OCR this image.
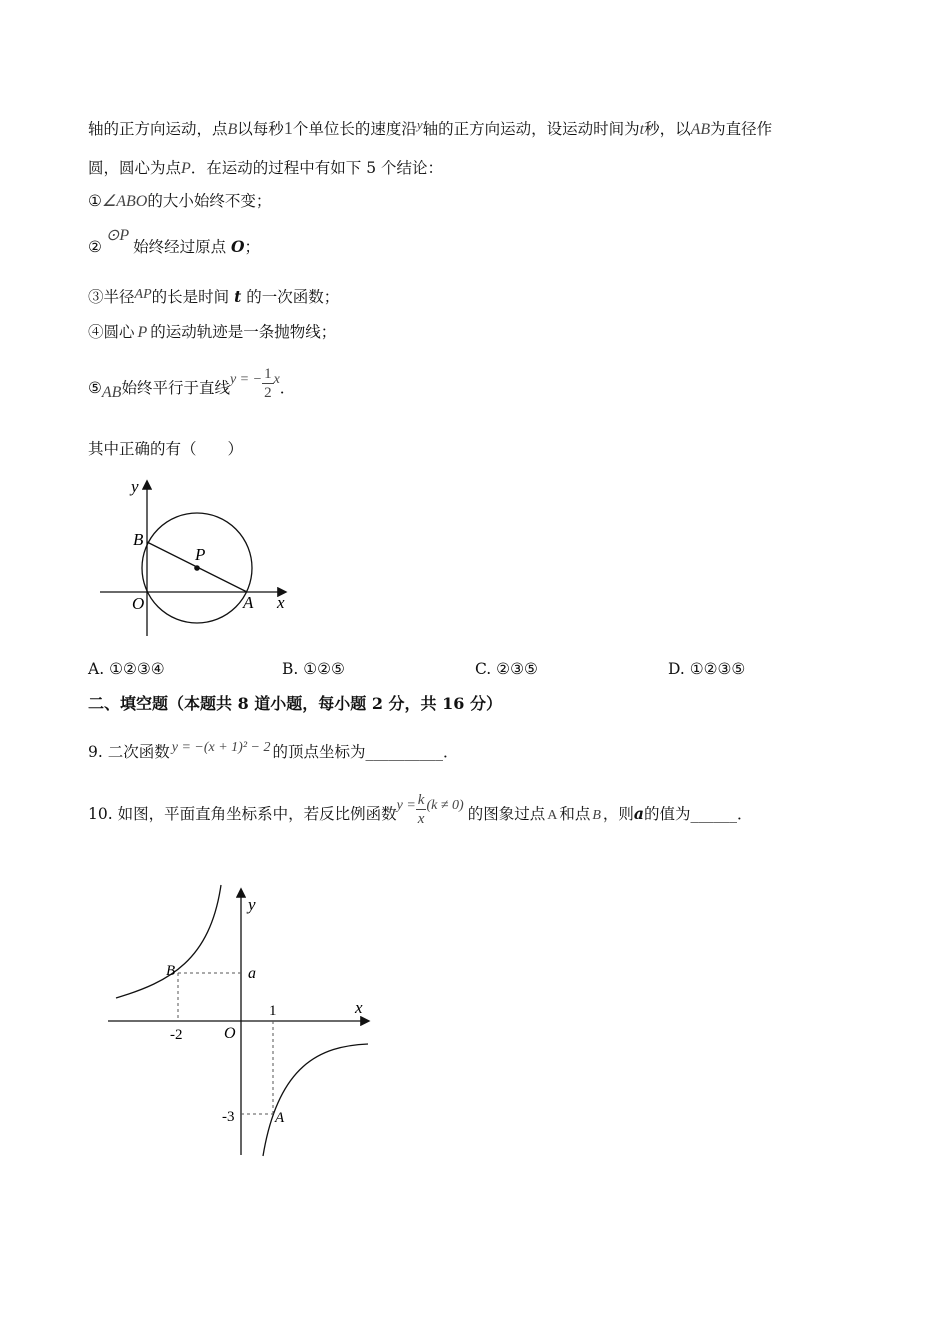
轴的正方向运动，点B以每秒1个单位长的速度沿$^y$轴的正方向运动，设运动时间为t秒，以AB为直径作
圆，圆心为点P．在运动的过程中有如下 5 个结论：
①∠ABO的大小始终不变；
②⊙P始终经过原点 O；
③半径AP的长是时间 t 的一次函数；
④圆心 P 的运动轨迹是一条抛物线；
⑤AB始终平行于直线y = − $\frac{1}{2}$ x．
其中正确的有（　　）
y
x
B
P
O	A
A. ①②③④	B. ①②⑤	C. ②③⑤	D. ①②③⑤
二、填空题（本题共 8 道小题，每小题 2 分，共 16 分）
9. 二次函数 y = −(x + 1)² − 2 的顶点坐标为__________．
10. 如图，平面直角坐标系中，若反比例函数$y = \frac{k}{x} (k \ne 0)$ 的图象过点 A 和点 B ，则a的值为______．
y
x
B	a
1
-2	O
-3	A
